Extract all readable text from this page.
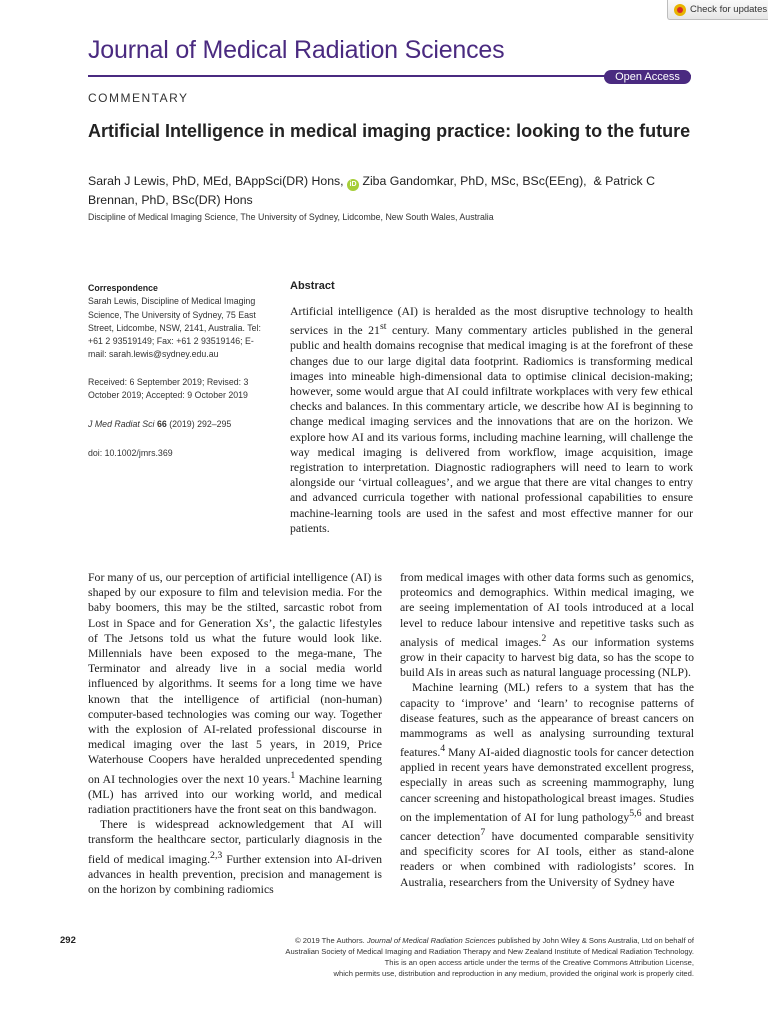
Check for updates
Journal of Medical Radiation Sciences
Open Access
COMMENTARY
Artificial Intelligence in medical imaging practice: looking to the future
Sarah J Lewis, PhD, MEd, BAppSci(DR) Hons, iD Ziba Gandomkar, PhD, MSc, BSc(EEng), & Patrick C Brennan, PhD, BSc(DR) Hons
Discipline of Medical Imaging Science, The University of Sydney, Lidcombe, New South Wales, Australia
Correspondence
Sarah Lewis, Discipline of Medical Imaging Science, The University of Sydney, 75 East Street, Lidcombe, NSW, 2141, Australia. Tel: +61 2 93519149; Fax: +61 2 93519146; E-mail: sarah.lewis@sydney.edu.au
Received: 6 September 2019; Revised: 3 October 2019; Accepted: 9 October 2019
J Med Radiat Sci 66 (2019) 292–295
doi: 10.1002/jmrs.369
Abstract
Artificial intelligence (AI) is heralded as the most disruptive technology to health services in the 21st century. Many commentary articles published in the general public and health domains recognise that medical imaging is at the forefront of these changes due to our large digital data footprint. Radiomics is transforming medical images into mineable high-dimensional data to optimise clinical decision-making; however, some would argue that AI could infiltrate workplaces with very few ethical checks and balances. In this commentary article, we describe how AI is beginning to change medical imaging services and the innovations that are on the horizon. We explore how AI and its various forms, including machine learning, will challenge the way medical imaging is delivered from workflow, image acquisition, image registration to interpretation. Diagnostic radiographers will need to learn to work alongside our ‘virtual colleagues’, and we argue that there are vital changes to entry and advanced curricula together with national professional capabilities to ensure machine-learning tools are used in the safest and most effective manner for our patients.

For many of us, our perception of artificial intelligence (AI) is shaped by our exposure to film and television media. For the baby boomers, this may be the stilted, sarcastic robot from Lost in Space and for Generation Xs’, the galactic lifestyles of The Jetsons told us what the future would look like. Millennials have been exposed to the mega-mane, The Terminator and already live in a social media world influenced by algorithms. It seems for a long time we have known that the intelligence of artificial (non-human) computer-based technologies was coming our way. Together with the explosion of AI-related professional discourse in medical imaging over the last 5 years, in 2019, Price Waterhouse Coopers have heralded unprecedented spending on AI technologies over the next 10 years.$^1$ Machine learning (ML) has arrived into our working world, and medical radiation practitioners have the front seat on this bandwagon.

There is widespread acknowledgement that AI will transform the healthcare sector, particularly diagnosis in the field of medical imaging.$^{2,3}$ Further extension into AI-driven advances in health prevention, precision and management is on the horizon by combining radiomics

from medical images with other data forms such as genomics, proteomics and demographics. Within medical imaging, we are seeing implementation of AI tools introduced at a local level to reduce labour intensive and repetitive tasks such as analysis of medical images.$^2$ As our information systems grow in their capacity to harvest big data, so has the scope to build AIs in areas such as natural language processing (NLP).

Machine learning (ML) refers to a system that has the capacity to ‘improve’ and ‘learn’ to recognise patterns of disease features, such as the appearance of breast cancers on mammograms as well as analysing surrounding textural features.$^4$ Many AI-aided diagnostic tools for cancer detection applied in recent years have demonstrated excellent progress, especially in areas such as screening mammography, lung cancer screening and histopathological breast images. Studies on the implementation of AI for lung pathology$^{5,6}$ and breast cancer detection$^7$ have documented comparable sensitivity and specificity scores for AI tools, either as stand-alone readers or when combined with radiologists’ scores. In Australia, researchers from the University of Sydney have

292	© 2019 The Authors. Journal of Medical Radiation Sciences published by John Wiley & Sons Australia, Ltd on behalf of
Australian Society of Medical Imaging and Radiation Therapy and New Zealand Institute of Medical Radiation Technology.
This is an open access article under the terms of the Creative Commons Attribution License,
which permits use, distribution and reproduction in any medium, provided the original work is properly cited.
